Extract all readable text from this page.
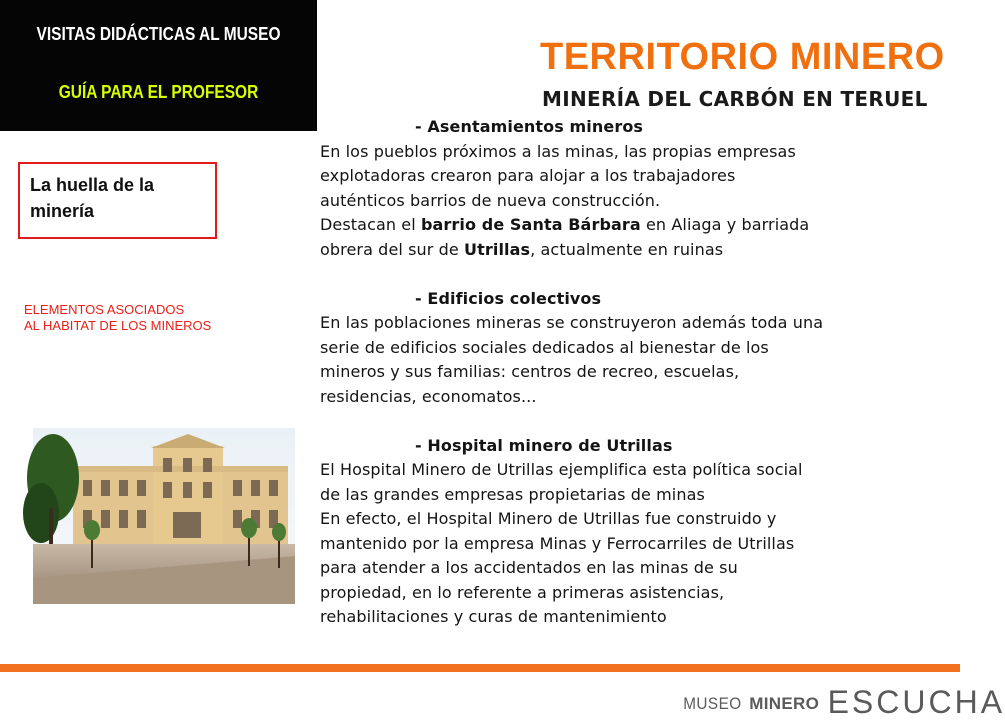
VISITAS DIDÁCTICAS AL MUSEO
GUÍA PARA EL PROFESOR
TERRITORIO MINERO
MINERÍA DEL CARBÓN EN TERUEL
La huella de la minería
ELEMENTOS ASOCIADOS
AL HABITAT DE LOS MINEROS
- Asentamientos mineros

En los pueblos próximos a las minas, las propias empresas

explotadoras crearon para alojar a los trabajadores

auténticos barrios de nueva construcción.

Destacan el barrio de Santa Bárbara en Aliaga y barriada

obrera del sur de Utrillas, actualmente en ruinas

- Edificios colectivos

En las poblaciones mineras se construyeron además toda una

serie de edificios sociales dedicados al bienestar de los

mineros y sus familias: centros de recreo, escuelas,

residencias, economatos...

- Hospital minero de Utrillas

El Hospital Minero de Utrillas ejemplifica esta política social

de las grandes empresas propietarias de minas

En efecto, el Hospital Minero de Utrillas fue construido y

mantenido por la empresa Minas y Ferrocarriles de Utrillas

para atender a los accidentados en las minas de su

propiedad, en lo referente a primeras asistencias,

rehabilitaciones y curas de mantenimiento

MUSEO MINERO ESCUCHA
